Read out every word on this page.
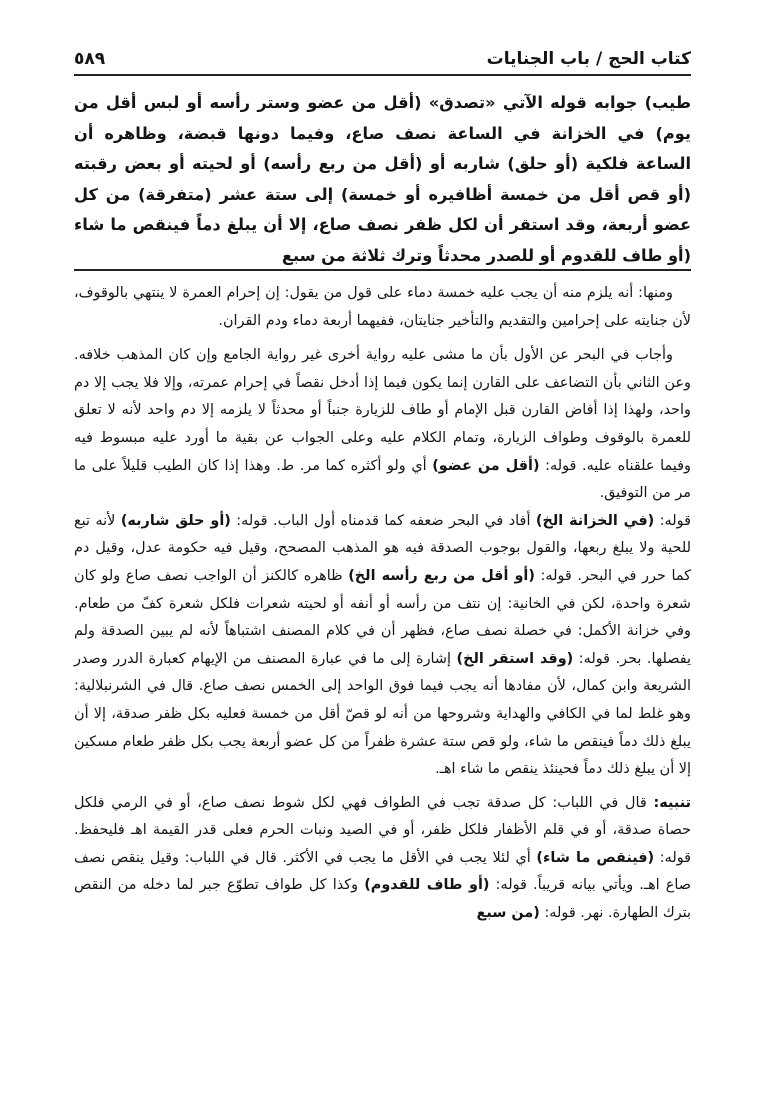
كتاب الحج / باب الجنايات
٥٨٩
طيب) جوابه قوله الآتي «تصدق» (أقل من عضو وستر رأسه أو لبس أقل من يوم) في الخزانة في الساعة نصف صاع، وفيما دونها قبضة، وظاهره أن الساعة فلكية (أو حلق) شاربه أو (أقل من ربع رأسه) أو لحيته أو بعض رقبته (أو قص أقل من خمسة أظافيره أو خمسة) إلى ستة عشر (متفرقة) من كل عضو أربعة، وقد استقر أن لكل ظفر نصف صاع، إلا أن يبلغ دماً فينقص ما شاء (أو طاف للقدوم أو للصدر محدثاً وترك ثلاثة من سبع

ومنها: أنه يلزم منه أن يجب عليه خمسة دماء على قول من يقول: إن إحرام العمرة لا ينتهي بالوقوف، لأن جنايته على إحرامين والتقديم والتأخير جنايتان، ففيهما أربعة دماء ودم القران.

وأجاب في البحر عن الأول بأن ما مشى عليه رواية أخرى غير رواية الجامع وإن كان المذهب خلافه. وعن الثاني بأن التضاعف على القارن إنما يكون فيما إذا أدخل نقصاً في إحرام عمرته، وإلا فلا يجب إلا دم واحد، ولهذا إذا أفاض القارن قبل الإمام أو طاف للزيارة جنباً أو محدثاً لا يلزمه إلا دم واحد لأنه لا تعلق للعمرة بالوقوف وطواف الزيارة، وتمام الكلام عليه وعلى الجواب عن بقية ما أورد عليه مبسوط فيه وفيما علقناه عليه. قوله: (أقل من عضو) أي ولو أكثره كما مر. ط. وهذا إذا كان الطيب قليلاً على ما مر من التوفيق.

قوله: (في الخزانة الخ) أفاد في البحر ضعفه كما قدمناه أول الباب. قوله: (أو حلق شاربه) لأنه تبع للحية ولا يبلغ ربعها، والقول بوجوب الصدقة فيه هو المذهب المصحح، وقيل فيه حكومة عدل، وقيل دم كما حرر في البحر. قوله: (أو أقل من ربع رأسه الخ) ظاهره كالكنز أن الواجب نصف صاع ولو كان شعرة واحدة، لكن في الخانية: إن نتف من رأسه أو أنفه أو لحيته شعرات فلكل شعرة كفّ من طعام. وفي خزانة الأكمل: في خصلة نصف صاع، فظهر أن في كلام المصنف اشتباهاً لأنه لم يبين الصدقة ولم يفصلها. بحر. قوله: (وقد استقر الخ) إشارة إلى ما في عبارة المصنف من الإيهام كعبارة الدرر وصدر الشريعة وابن كمال، لأن مفادها أنه يجب فيما فوق الواحد إلى الخمس نصف صاع. قال في الشرنبلالية: وهو غلط لما في الكافي والهداية وشروحها من أنه لو قصّ أقل من خمسة فعليه بكل ظفر صدقة، إلا أن يبلغ ذلك دماً فينقص ما شاء، ولو قص ستة عشرة ظفراً من كل عضو أربعة يجب بكل ظفر طعام مسكين إلا أن يبلغ ذلك دماً فحينئذ ينقص ما شاء اهـ.

تنبيه: قال في اللباب: كل صدقة تجب في الطواف فهي لكل شوط نصف صاع، أو في الرمي فلكل حصاة صدقة، أو في قلم الأظفار فلكل ظفر، أو في الصيد ونبات الحرم فعلى قدر القيمة اهـ فليحفظ. قوله: (فينقص ما شاء) أي لئلا يجب في الأقل ما يجب في الأكثر. قال في اللباب: وقيل ينقص نصف صاع اهـ. ويأتي بيانه قريباً. قوله: (أو طاف للقدوم) وكذا كل طواف تطوّع جبر لما دخله من النقص بترك الطهارة. نهر. قوله: (من سبع
